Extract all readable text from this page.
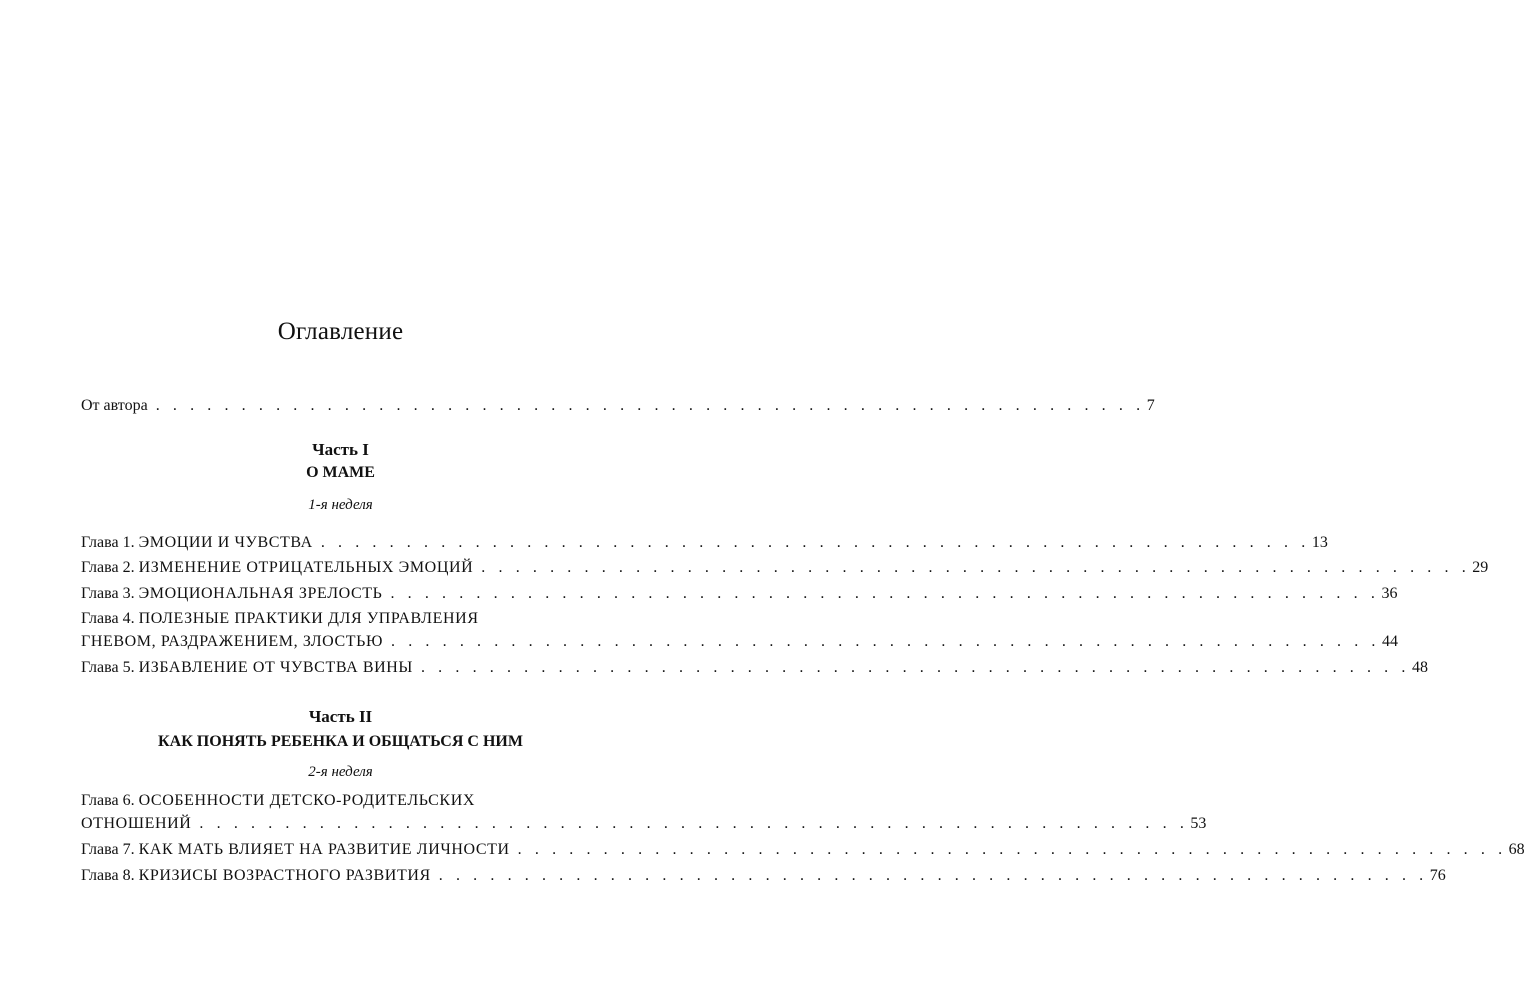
Оглавление
От автора . . . . . . . . . . . . . . . . . . . . . . . . . . . . . . . . . . . . . . . . . . . . . . . . . . . . . . . . . . 7
Часть I
О МАМЕ
1-я неделя
Глава 1. ЭМОЦИИ И ЧУВСТВА . . . . . . . . . . . . . . . . . . . . . . . . . . . . . . . . . . . . . . . . . . . . . . . . . . . . . . . . . . 13
Глава 2. ИЗМЕНЕНИЕ ОТРИЦАТЕЛЬНЫХ ЭМОЦИЙ . . . . . . . . . . . . . . . . . . . . . . . . . . . . . . . . . . . . . . . . . . . . . . . . . . . . . . . . . . 29
Глава 3. ЭМОЦИОНАЛЬНАЯ ЗРЕЛОСТЬ . . . . . . . . . . . . . . . . . . . . . . . . . . . . . . . . . . . . . . . . . . . . . . . . . . . . . . . . . . 36
Глава 4. ПОЛЕЗНЫЕ ПРАКТИКИ ДЛЯ УПРАВЛЕНИЯ
ГНЕВОМ, РАЗДРАЖЕНИЕМ, ЗЛОСТЬЮ . . . . . . . . . . . . . . . . . . . . . . . . . . . . . . . . . . . . . . . . . . . . . . . . . . . . . . . . . . 44
Глава 5. ИЗБАВЛЕНИЕ ОТ ЧУВСТВА ВИНЫ . . . . . . . . . . . . . . . . . . . . . . . . . . . . . . . . . . . . . . . . . . . . . . . . . . . . . . . . . . 48
Часть II
КАК ПОНЯТЬ РЕБЕНКА И ОБЩАТЬСЯ С НИМ
2-я неделя
Глава 6. ОСОБЕННОСТИ ДЕТСКО-РОДИТЕЛЬСКИХ
ОТНОШЕНИЙ . . . . . . . . . . . . . . . . . . . . . . . . . . . . . . . . . . . . . . . . . . . . . . . . . . . . . . . . . . 53
Глава 7. КАК МАТЬ ВЛИЯЕТ НА РАЗВИТИЕ ЛИЧНОСТИ . . . . . . . . . . . . . . . . . . . . . . . . . . . . . . . . . . . . . . . . . . . . . . . . . . . . . . . . . . 68
Глава 8. КРИЗИСЫ ВОЗРАСТНОГО РАЗВИТИЯ . . . . . . . . . . . . . . . . . . . . . . . . . . . . . . . . . . . . . . . . . . . . . . . . . . . . . . . . . . 76
